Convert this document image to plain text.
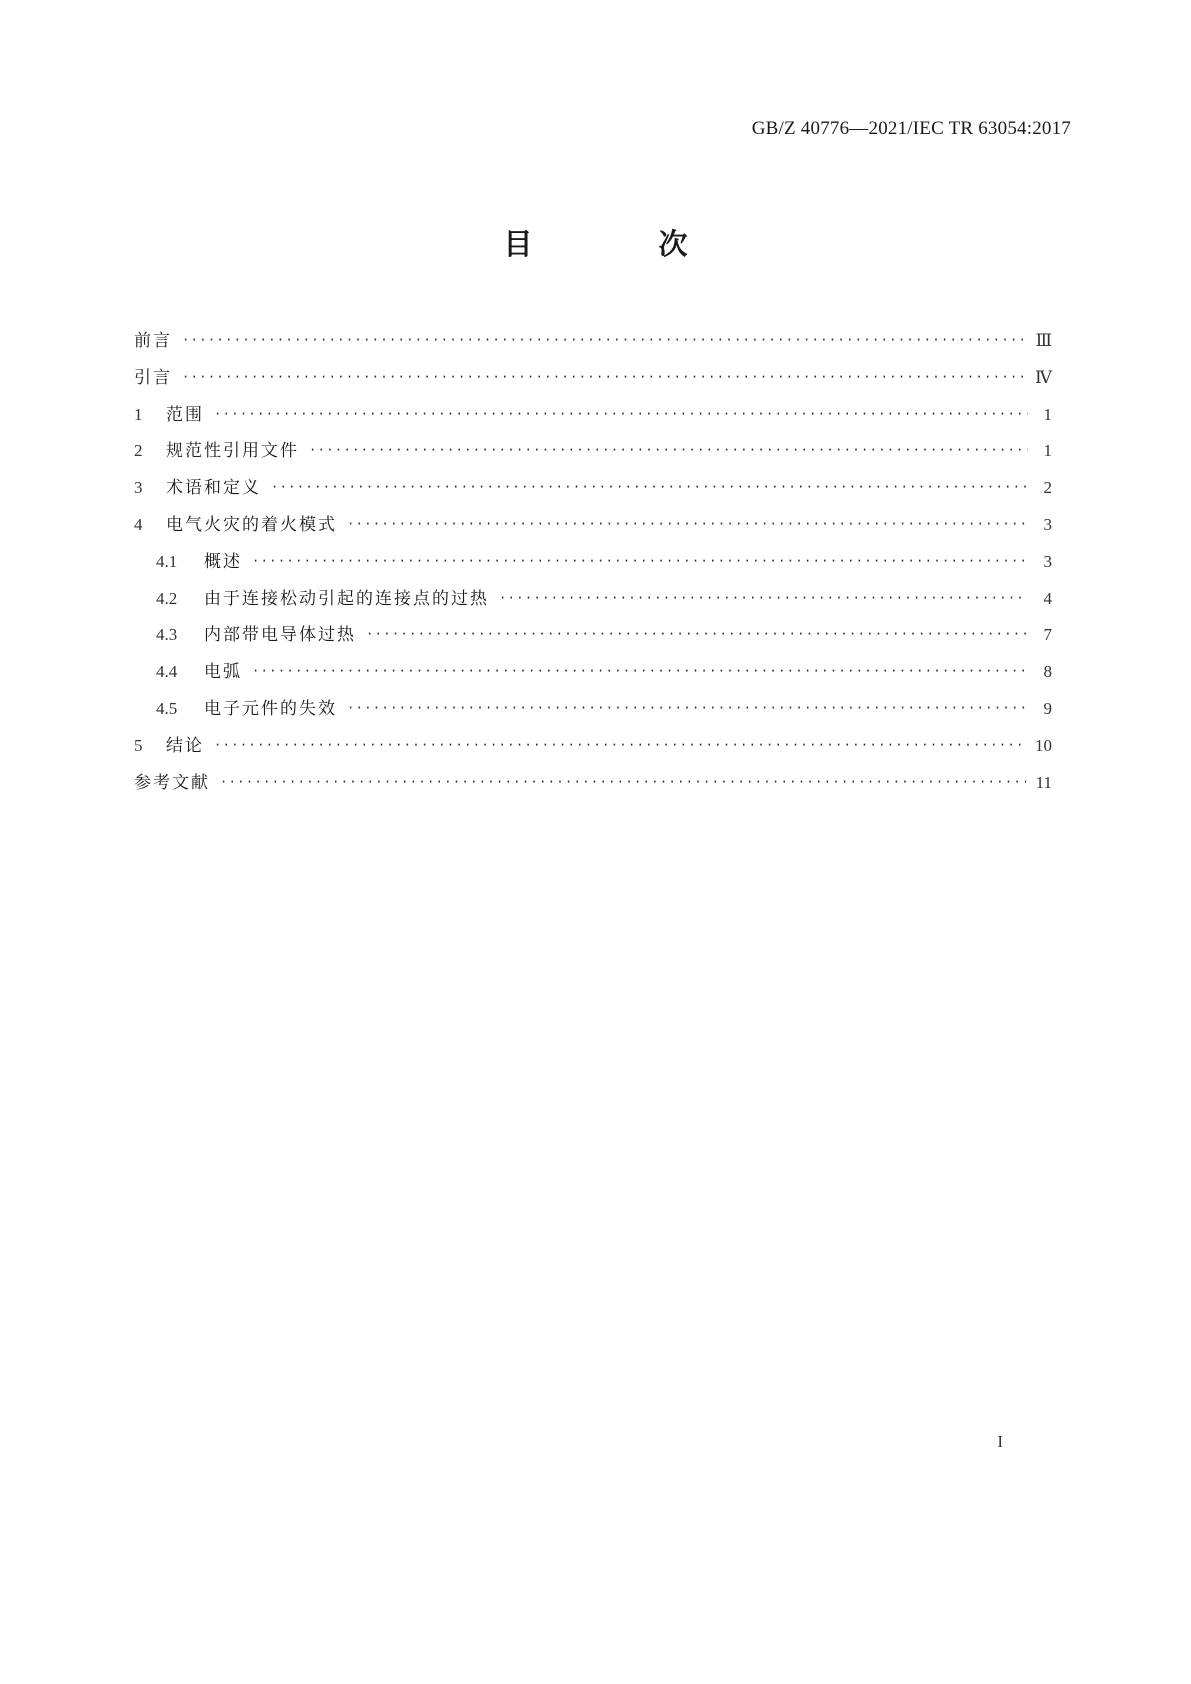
GB/Z 40776—2021/IEC TR 63054:2017
目 次
前言 ·····	Ⅲ
引言 ·····	Ⅳ
1	范围 ·····	1
2	规范性引用文件 ·····	1
3	术语和定义 ·····	2
4	电气火灾的着火模式 ·····	3
4.1	概述 ·····	3
4.2	由于连接松动引起的连接点的过热 ·····	4
4.3	内部带电导体过热 ·····	7
4.4	电弧 ·····	8
4.5	电子元件的失效 ·····	9
5	结论 ·····	10
参考文献 ·····	11
I
